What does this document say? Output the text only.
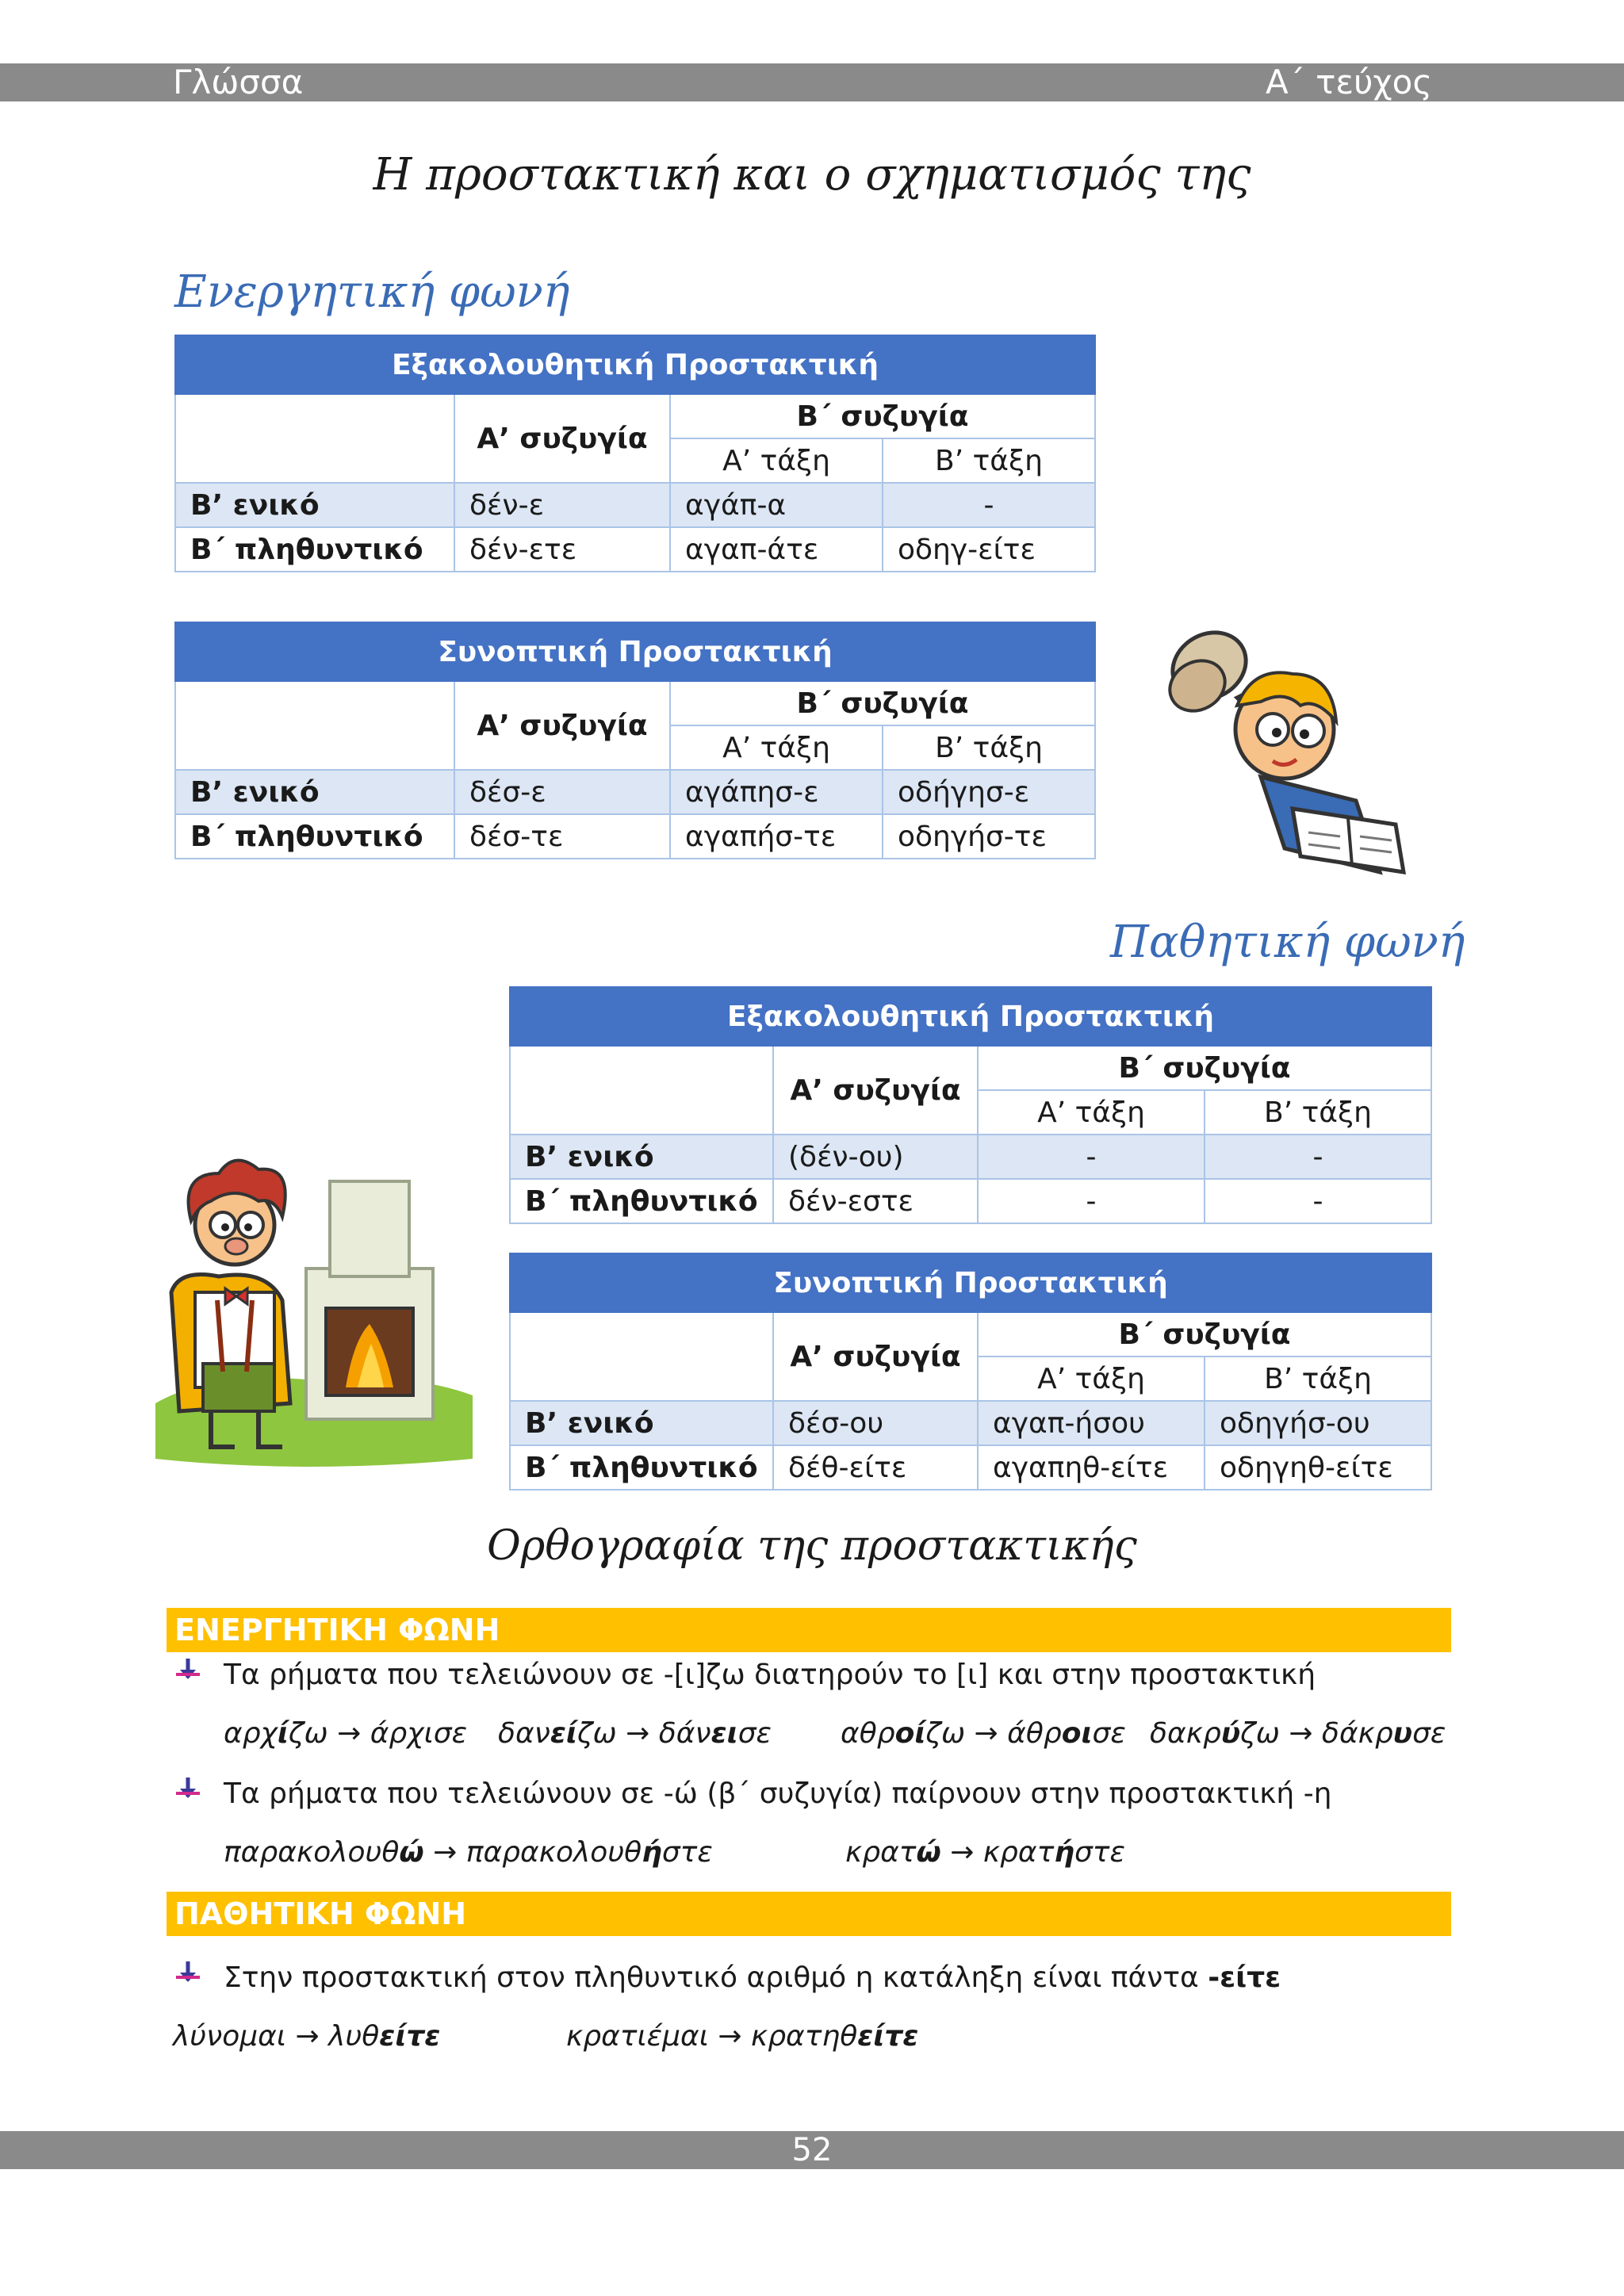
Γλώσσα	Α΄ τεύχος
Η προστακτική και ο σχηματισμός της
Ενεργητική φωνή
Εξακολουθητική Προστακτική			
	Α’ συζυγία	Β΄ συζυγία	
		Α’ τάξη	Β’ τάξη
Β’ ενικό	δέν-ε	αγάπ-α	-
Β΄ πληθυντικό	δέν-ετε	αγαπ-άτε	οδηγ-είτε
Συνοπτική Προστακτική			
	Α’ συζυγία	Β΄ συζυγία	
		Α’ τάξη	Β’ τάξη
Β’ ενικό	δέσ-ε	αγάπησ-ε	οδήγησ-ε
Β΄ πληθυντικό	δέσ-τε	αγαπήσ-τε	οδηγήσ-τε
Παθητική φωνή
Εξακολουθητική Προστακτική			
	Α’ συζυγία	Β΄ συζυγία	
		Α’ τάξη	Β’ τάξη
Β’ ενικό	(δέν-ου)	-	-
Β΄ πληθυντικό	δέν-εστε	-	-
Συνοπτική Προστακτική			
	Α’ συζυγία	Β΄ συζυγία	
		Α’ τάξη	Β’ τάξη
Β’ ενικό	δέσ-ου	αγαπ-ήσου	οδηγήσ-ου
Β΄ πληθυντικό	δέθ-είτε	αγαπηθ-είτε	οδηγηθ-είτε
Ορθογραφία της προστακτικής
ΕΝΕΡΓΗΤΙΚΗ ΦΩΝΗ
Τα ρήματα που τελειώνουν σε -[ι]ζω διατηρούν το [ι] και στην προστακτική
αρχίζω → άρχισε δανείζω → δάνεισε αθροίζω → άθροισε δακρύζω → δάκρυσε
Τα ρήματα που τελειώνουν σε -ώ (β΄ συζυγία) παίρνουν στην προστακτική -η
παρακολουθώ → παρακολουθήστε	κρατώ → κρατήστε
ΠΑΘΗΤΙΚΗ ΦΩΝΗ
Στην προστακτική στον πληθυντικό αριθμό η κατάληξη είναι πάντα -είτε
λύνομαι → λυθείτε	κρατιέμαι → κρατηθείτε
52
